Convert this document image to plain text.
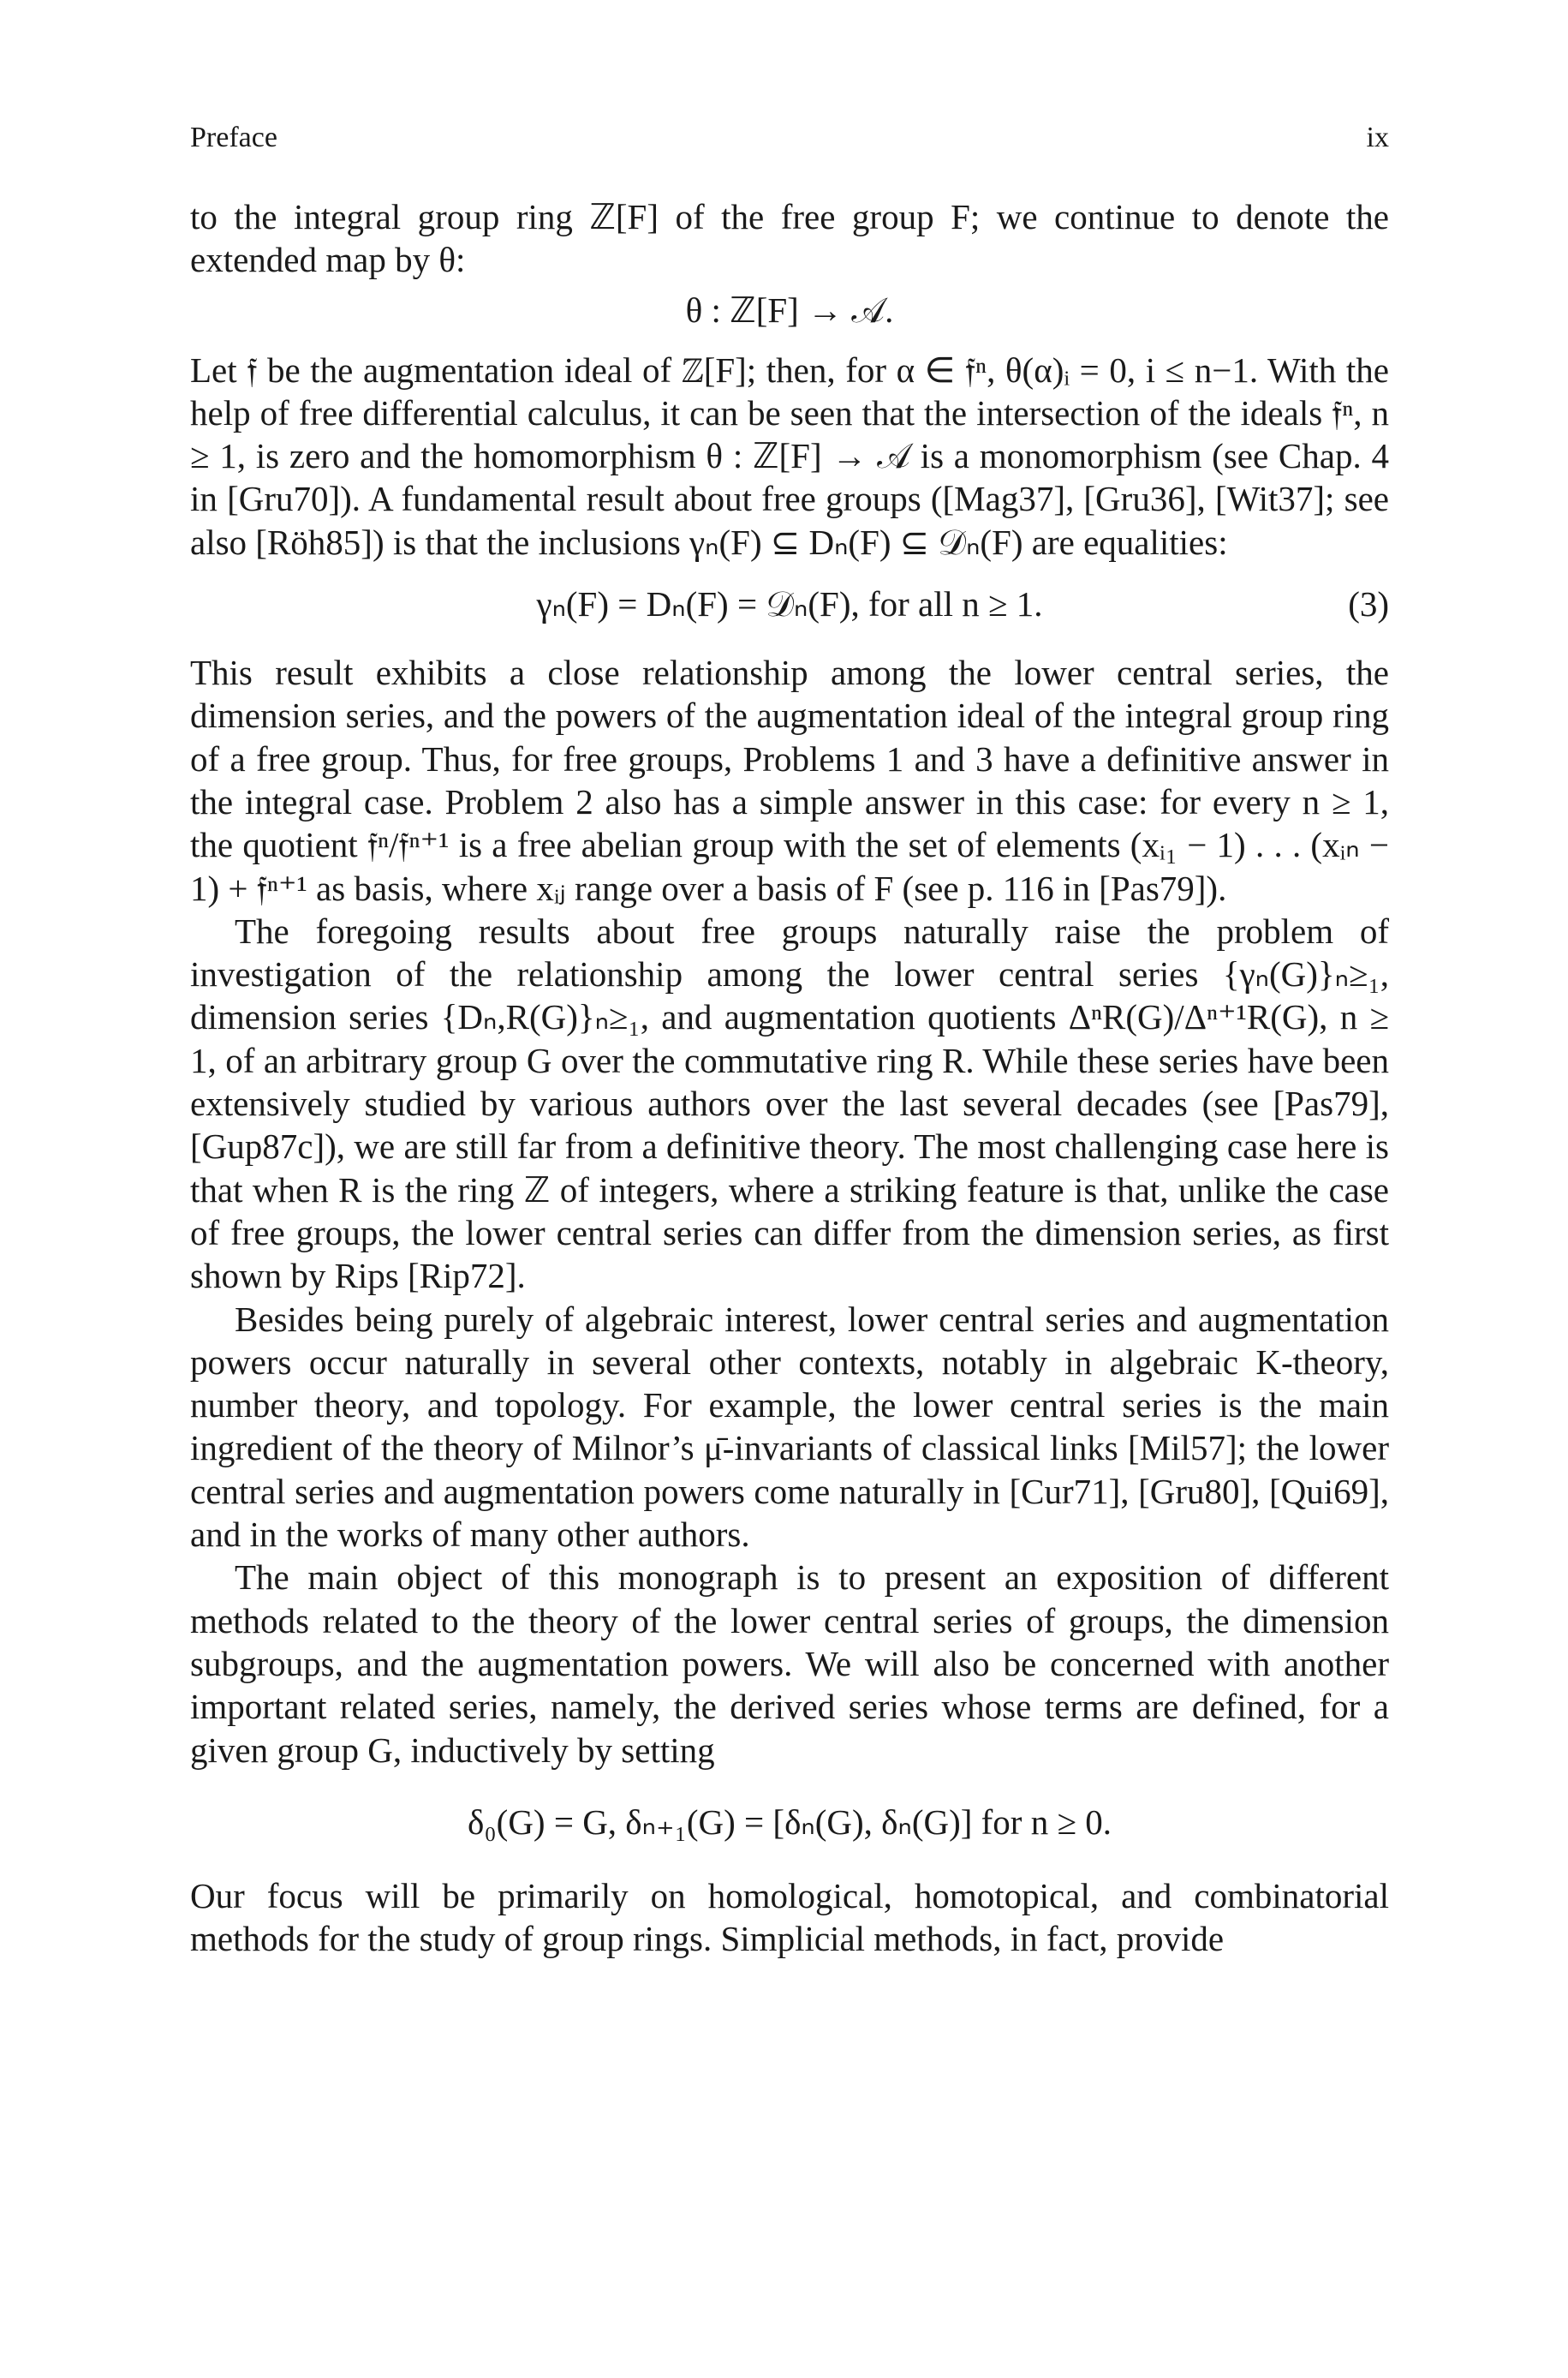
Preface	ix

to the integral group ring ℤ[F] of the free group F; we continue to denote the extended map by θ:

θ : ℤ[F] → 𝒜.

Let 𝔣 be the augmentation ideal of ℤ[F]; then, for α ∈ 𝔣ⁿ, θ(α)ᵢ = 0, i ≤ n−1. With the help of free differential calculus, it can be seen that the intersection of the ideals 𝔣ⁿ, n ≥ 1, is zero and the homomorphism θ : ℤ[F] → 𝒜 is a monomorphism (see Chap. 4 in [Gru70]). A fundamental result about free groups ([Mag37], [Gru36], [Wit37]; see also [Röh85]) is that the inclusions γₙ(F) ⊆ Dₙ(F) ⊆ 𝒟ₙ(F) are equalities:

γₙ(F) = Dₙ(F) = 𝒟ₙ(F), for all n ≥ 1.	(3)

This result exhibits a close relationship among the lower central series, the dimension series, and the powers of the augmentation ideal of the integral group ring of a free group. Thus, for free groups, Problems 1 and 3 have a definitive answer in the integral case. Problem 2 also has a simple answer in this case: for every n ≥ 1, the quotient 𝔣ⁿ/𝔣ⁿ⁺¹ is a free abelian group with the set of elements (xᵢ₁ − 1) . . . (xᵢₙ − 1) + 𝔣ⁿ⁺¹ as basis, where xᵢⱼ range over a basis of F (see p. 116 in [Pas79]).

The foregoing results about free groups naturally raise the problem of investigation of the relationship among the lower central series {γₙ(G)}ₙ≥₁, dimension series {Dₙ,R(G)}ₙ≥₁, and augmentation quotients ΔⁿR(G)/Δⁿ⁺¹R(G), n ≥ 1, of an arbitrary group G over the commutative ring R. While these series have been extensively studied by various authors over the last several decades (see [Pas79], [Gup87c]), we are still far from a definitive theory. The most challenging case here is that when R is the ring ℤ of integers, where a striking feature is that, unlike the case of free groups, the lower central series can differ from the dimension series, as first shown by Rips [Rip72].

Besides being purely of algebraic interest, lower central series and augmentation powers occur naturally in several other contexts, notably in algebraic K-theory, number theory, and topology. For example, the lower central series is the main ingredient of the theory of Milnor’s μ̄-invariants of classical links [Mil57]; the lower central series and augmentation powers come naturally in [Cur71], [Gru80], [Qui69], and in the works of many other authors.

The main object of this monograph is to present an exposition of different methods related to the theory of the lower central series of groups, the dimension subgroups, and the augmentation powers. We will also be concerned with another important related series, namely, the derived series whose terms are defined, for a given group G, inductively by setting

δ₀(G) = G, δₙ₊₁(G) = [δₙ(G), δₙ(G)] for n ≥ 0.

Our focus will be primarily on homological, homotopical, and combinatorial methods for the study of group rings. Simplicial methods, in fact, provide
